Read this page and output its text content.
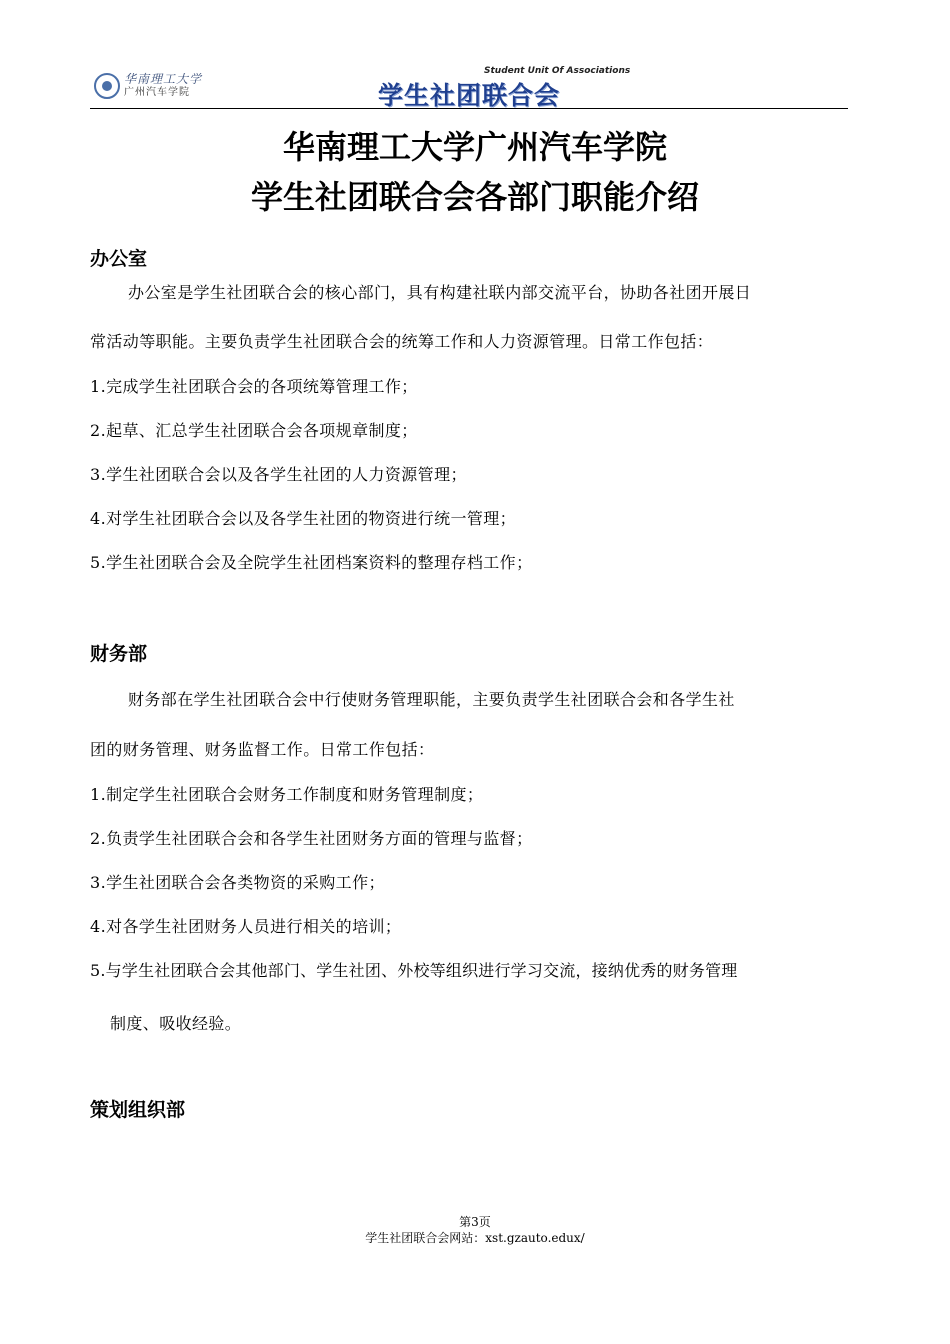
华南理工大学
广州汽车学院
Student Unit Of Associations
学生社团联合会
华南理工大学广州汽车学院
学生社团联合会各部门职能介绍
办公室
办公室是学生社团联合会的核心部门，具有构建社联内部交流平台，协助各社团开展日
常活动等职能。主要负责学生社团联合会的统筹工作和人力资源管理。日常工作包括：
1.完成学生社团联合会的各项统筹管理工作；
2.起草、汇总学生社团联合会各项规章制度；
3.学生社团联合会以及各学生社团的人力资源管理；
4.对学生社团联合会以及各学生社团的物资进行统一管理；
5.学生社团联合会及全院学生社团档案资料的整理存档工作；
财务部
财务部在学生社团联合会中行使财务管理职能，主要负责学生社团联合会和各学生社
团的财务管理、财务监督工作。日常工作包括：
1.制定学生社团联合会财务工作制度和财务管理制度；
2.负责学生社团联合会和各学生社团财务方面的管理与监督；
3.学生社团联合会各类物资的采购工作；
4.对各学生社团财务人员进行相关的培训；
5.与学生社团联合会其他部门、学生社团、外校等组织进行学习交流，接纳优秀的财务管理
制度、吸收经验。
策划组织部
第3页
学生社团联合会网站：xst.gzauto.edux/
